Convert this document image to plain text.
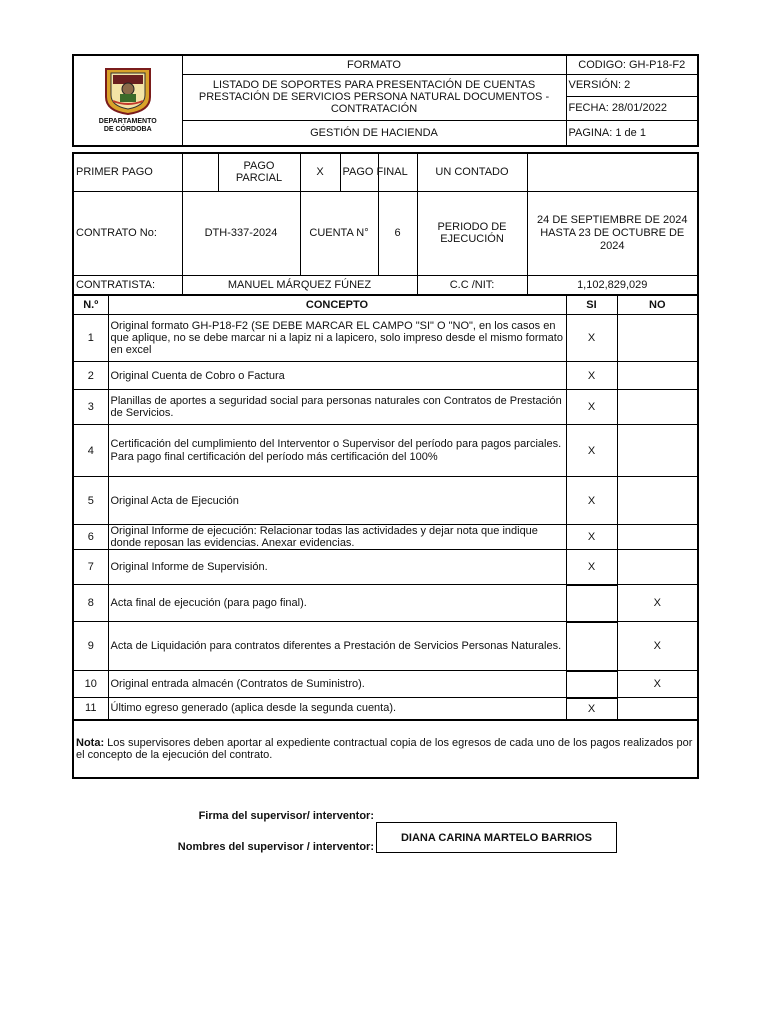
DEPARTAMENTO
DE CÓRDOBA	FORMATO	CODIGO: GH-P18-F2
	LISTADO DE SOPORTES PARA PRESENTACIÓN DE CUENTAS PRESTACIÓN DE SERVICIOS PERSONA NATURAL DOCUMENTOS - CONTRATACIÓN	VERSIÓN: 2
		FECHA: 28/01/2022
	GESTIÓN DE HACIENDA	PAGINA: 1 de 1
PRIMER PAGO		PAGO PARCIAL	X	PAGO FINAL		UN CONTADO	
CONTRATO No:	DTH-337-2024		CUENTA N°		6	PERIODO DE EJECUCIÓN	24 DE SEPTIEMBRE DE 2024 HASTA 23 DE OCTUBRE DE 2024
CONTRATISTA:	MANUEL MÁRQUEZ FÚNEZ					C.C /NIT:	1,102,829,029
N.º	CONCEPTO	SI	NO
1	Original formato GH-P18-F2 (SE DEBE MARCAR EL CAMPO "SI" O "NO", en los casos en que aplique, no se debe marcar ni a lapiz ni a lapicero, solo impreso desde el mismo formato en excel	X	
2	Original Cuenta de Cobro o Factura	X	
3	Planillas de aportes a seguridad social para personas naturales con Contratos de Prestación de Servicios.	X	
4	Certificación del cumplimiento del Interventor o Supervisor del período para pagos parciales. Para pago final certificación del período más certificación del 100%	X	
5	Original Acta de Ejecución	X	
6	Original Informe de ejecución: Relacionar todas las actividades y dejar nota que indique donde reposan las evidencias. Anexar evidencias.	X	
7	Original Informe de Supervisión.	X	
8	Acta final de ejecución (para pago final).		X
9	Acta de Liquidación para contratos diferentes a Prestación de Servicios Personas Naturales.		X
10	Original entrada almacén (Contratos de Suministro).		X
11	Último egreso generado (aplica desde la segunda cuenta).	X	
Nota: Los supervisores deben aportar al expediente contractual copia de los egresos de cada uno de los pagos realizados por el concepto de la ejecución del contrato.			
Firma del supervisor/ interventor:
Nombres del supervisor / interventor:
DIANA CARINA MARTELO BARRIOS
